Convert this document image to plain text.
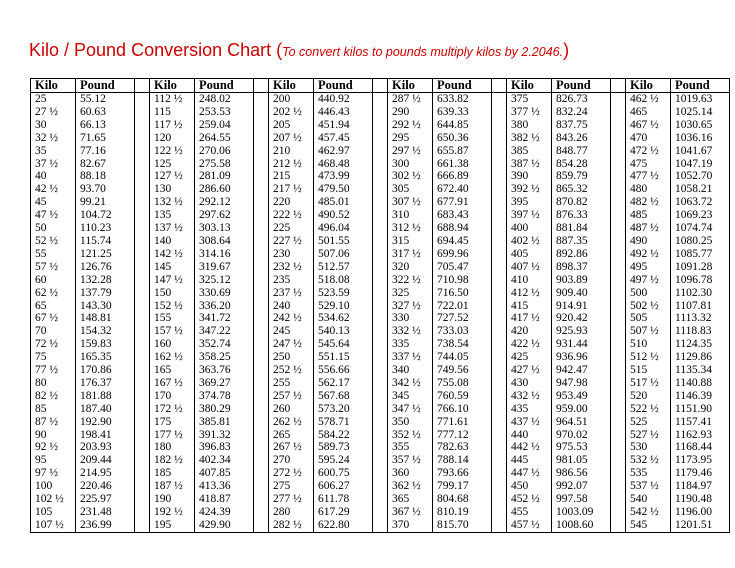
Kilo / Pound Conversion Chart (To convert kilos to pounds multiply kilos by 2.2046.)
Kilo	Pound		Kilo	Pound		Kilo	Pound		Kilo	Pound		Kilo	Pound		Kilo	Pound
25	55.12		112 ½	248.02		200	440.92		287 ½	633.82		375	826.73		462 ½	1019.63
27 ½	60.63		115	253.53		202 ½	446.43		290	639.33		377 ½	832.24		465	1025.14
30	66.13		117 ½	259.04		205	451.94		292 ½	644.85		380	837.75		467 ½	1030.65
32 ½	71.65		120	264.55		207 ½	457.45		295	650.36		382 ½	843.26		470	1036.16
35	77.16		122 ½	270.06		210	462.97		297 ½	655.87		385	848.77		472 ½	1041.67
37 ½	82.67		125	275.58		212 ½	468.48		300	661.38		387 ½	854.28		475	1047.19
40	88.18		127 ½	281.09		215	473.99		302 ½	666.89		390	859.79		477 ½	1052.70
42 ½	93.70		130	286.60		217 ½	479.50		305	672.40		392 ½	865.32		480	1058.21
45	99.21		132 ½	292.12		220	485.01		307 ½	677.91		395	870.82		482 ½	1063.72
47 ½	104.72		135	297.62		222 ½	490.52		310	683.43		397 ½	876.33		485	1069.23
50	110.23		137 ½	303.13		225	496.04		312 ½	688.94		400	881.84		487 ½	1074.74
52 ½	115.74		140	308.64		227 ½	501.55		315	694.45		402 ½	887.35		490	1080.25
55	121.25		142 ½	314.16		230	507.06		317 ½	699.96		405	892.86		492 ½	1085.77
57 ½	126.76		145	319.67		232 ½	512.57		320	705.47		407 ½	898.37		495	1091.28
60	132.28		147 ½	325.12		235	518.08		322 ½	710.98		410	903.89		497 ½	1096.78
62 ½	137.79		150	330.69		237 ½	523.59		325	716.50		412 ½	909.40		500	1102.30
65	143.30		152 ½	336.20		240	529.10		327 ½	722.01		415	914.91		502 ½	1107.81
67 ½	148.81		155	341.72		242 ½	534.62		330	727.52		417 ½	920.42		505	1113.32
70	154.32		157 ½	347.22		245	540.13		332 ½	733.03		420	925.93		507 ½	1118.83
72 ½	159.83		160	352.74		247 ½	545.64		335	738.54		422 ½	931.44		510	1124.35
75	165.35		162 ½	358.25		250	551.15		337 ½	744.05		425	936.96		512 ½	1129.86
77 ½	170.86		165	363.76		252 ½	556.66		340	749.56		427 ½	942.47		515	1135.34
80	176.37		167 ½	369.27		255	562.17		342 ½	755.08		430	947.98		517 ½	1140.88
82 ½	181.88		170	374.78		257 ½	567.68		345	760.59		432 ½	953.49		520	1146.39
85	187.40		172 ½	380.29		260	573.20		347 ½	766.10		435	959.00		522 ½	1151.90
87 ½	192.90		175	385.81		262 ½	578.71		350	771.61		437 ½	964.51		525	1157.41
90	198.41		177 ½	391.32		265	584.22		352 ½	777.12		440	970.02		527 ½	1162.93
92 ½	203.93		180	396.83		267 ½	589.73		355	782.63		442 ½	975.53		530	1168.44
95	209.44		182 ½	402.34		270	595.24		357 ½	788.14		445	981.05		532 ½	1173.95
97 ½	214.95		185	407.85		272 ½	600.75		360	793.66		447 ½	986.56		535	1179.46
100	220.46		187 ½	413.36		275	606.27		362 ½	799.17		450	992.07		537 ½	1184.97
102 ½	225.97		190	418.87		277 ½	611.78		365	804.68		452 ½	997.58		540	1190.48
105	231.48		192 ½	424.39		280	617.29		367 ½	810.19		455	1003.09		542 ½	1196.00
107 ½	236.99		195	429.90		282 ½	622.80		370	815.70		457 ½	1008.60		545	1201.51
